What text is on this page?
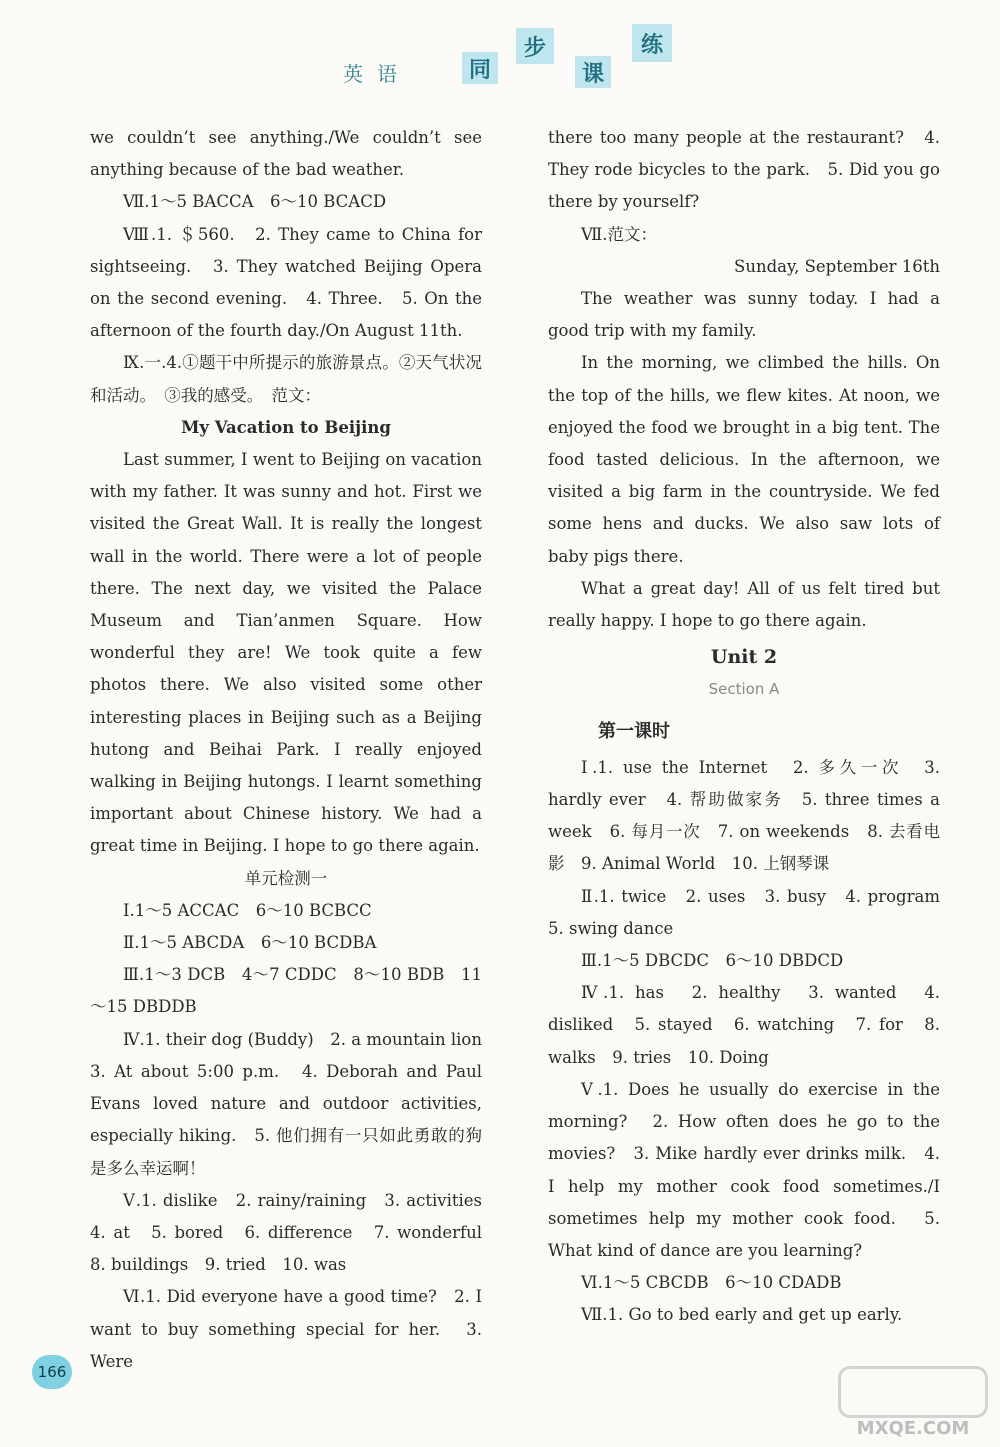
英语	同
步
课
练

we couldn’t see anything./We couldn’t see anything because of the bad weather.

Ⅶ.1～5 BACCA　6～10 BCACD

Ⅷ.1. ＄560.　2. They came to China for sightseeing.　3. They watched Beijing Opera on the second evening.　4. Three.　5. On the afternoon of the fourth day./On August 11th.

Ⅸ.一.4.①题干中所提示的旅游景点。②天气状况和活动。　③我的感受。　范文：

My Vacation to Beijing

Last summer, I went to Beijing on vacation with my father. It was sunny and hot. First we visited the Great Wall. It is really the longest wall in the world. There were a lot of people there. The next day, we visited the Palace Museum and Tian’anmen Square. How wonderful they are! We took quite a few photos there. We also visited some other interesting places in Beijing such as a Beijing hutong and Beihai Park. I really enjoyed walking in Beijing hutongs. I learnt something important about Chinese history. We had a great time in Beijing. I hope to go there again.

单元检测一

Ⅰ.1～5 ACCAC　6～10 BCBCC

Ⅱ.1～5 ABCDA　6～10 BCDBA

Ⅲ.1～3 DCB　4～7 CDDC　8～10 BDB　11～15 DBDDB

Ⅳ.1. their dog (Buddy)　2. a mountain lion　3. At about 5:00 p.m.　4. Deborah and Paul Evans loved nature and outdoor activities, especially hiking.　5. 他们拥有一只如此勇敢的狗是多么幸运啊！

Ⅴ.1. dislike　2. rainy/raining　3. activities　4. at　5. bored　6. difference　7. wonderful　8. buildings　9. tried　10. was

Ⅵ.1. Did everyone have a good time?　2. I want to buy something special for her.　3. Were

there too many people at the restaurant?　4. They rode bicycles to the park.　5. Did you go there by yourself?

Ⅶ.范文：

Sunday, September 16th

The weather was sunny today. I had a good trip with my family.

In the morning, we climbed the hills. On the top of the hills, we flew kites. At noon, we enjoyed the food we brought in a big tent. The food tasted delicious. In the afternoon, we visited a big farm in the countryside. We fed some hens and ducks. We also saw lots of baby pigs there.

What a great day! All of us felt tired but really happy. I hope to go there again.

Unit 2

Section A

第一课时

Ⅰ.1. use the Internet　2. 多久一次　3. hardly ever　4. 帮助做家务　5. three times a week　6. 每月一次　7. on weekends　8. 去看电影　9. Animal World　10. 上钢琴课

Ⅱ.1. twice　2. uses　3. busy　4. program　5. swing dance

Ⅲ.1～5 DBCDC　6～10 DBDCD

Ⅳ.1. has　2. healthy　3. wanted　4. disliked　5. stayed　6. watching　7. for　8. walks　9. tries　10. Doing

Ⅴ.1. Does he usually do exercise in the morning?　2. How often does he go to the movies?　3. Mike hardly ever drinks milk.　4. I help my mother cook food sometimes./I sometimes help my mother cook food.　5. What kind of dance are you learning?

Ⅵ.1～5 CBCDB　6～10 CDADB

Ⅶ.1. Go to bed early and get up early.

166
MXQE.COM
